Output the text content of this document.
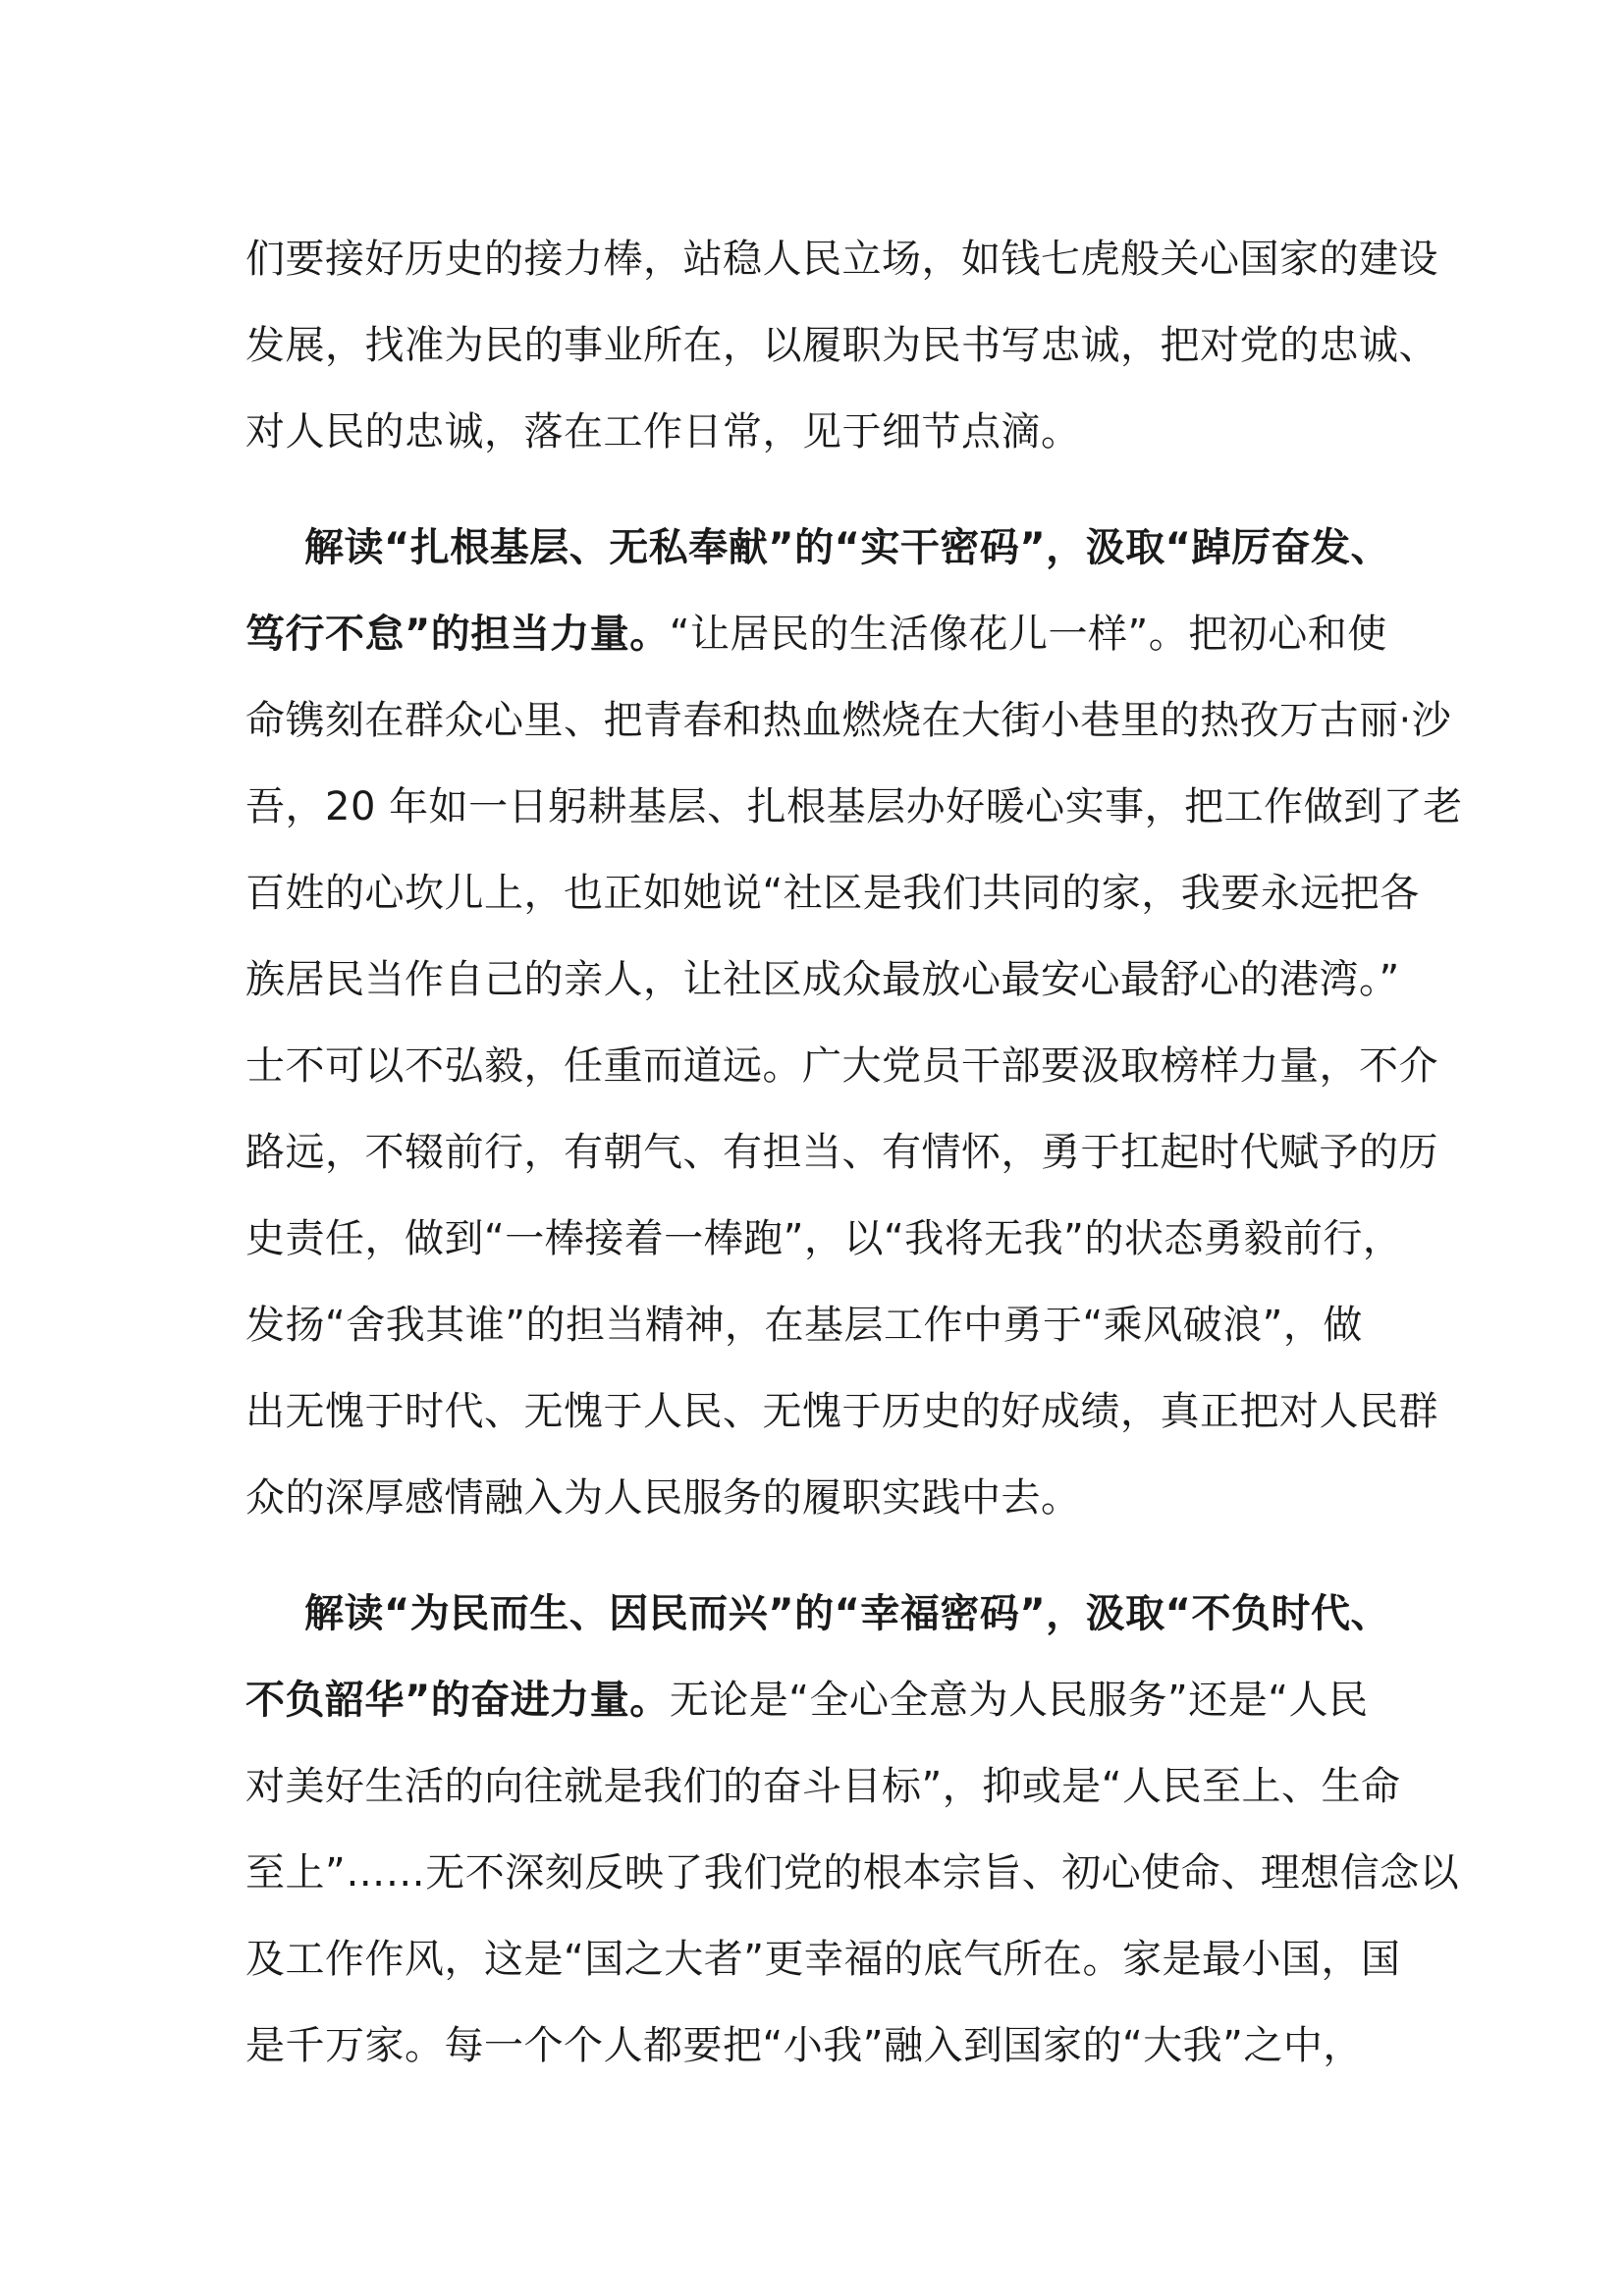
们要接好历史的接力棒，站稳人民立场，如钱七虎般关心国家的建设
发展，找准为民的事业所在，以履职为民书写忠诚，把对党的忠诚、
对人民的忠诚，落在工作日常，见于细节点滴。
解读“扎根基层、无私奉献”的“实干密码”，汲取“踔厉奋发、
笃行不怠”的担当力量。“让居民的生活像花儿一样”。把初心和使
命镌刻在群众心里、把青春和热血燃烧在大街小巷里的热孜万古丽·沙
吾，20 年如一日躬耕基层、扎根基层办好暖心实事，把工作做到了老
百姓的心坎儿上，也正如她说“社区是我们共同的家，我要永远把各
族居民当作自己的亲人，让社区成众最放心最安心最舒心的港湾。”
士不可以不弘毅，任重而道远。广大党员干部要汲取榜样力量，不介
路远，不辍前行，有朝气、有担当、有情怀，勇于扛起时代赋予的历
史责任，做到“一棒接着一棒跑”，以“我将无我”的状态勇毅前行，
发扬“舍我其谁”的担当精神，在基层工作中勇于“乘风破浪”，做
出无愧于时代、无愧于人民、无愧于历史的好成绩，真正把对人民群
众的深厚感情融入为人民服务的履职实践中去。
解读“为民而生、因民而兴”的“幸福密码”，汲取“不负时代、
不负韶华”的奋进力量。无论是“全心全意为人民服务”还是“人民
对美好生活的向往就是我们的奋斗目标”，抑或是“人民至上、生命
至上”……无不深刻反映了我们党的根本宗旨、初心使命、理想信念以
及工作作风，这是“国之大者”更幸福的底气所在。家是最小国，国
是千万家。每一个个人都要把“小我”融入到国家的“大我”之中，
